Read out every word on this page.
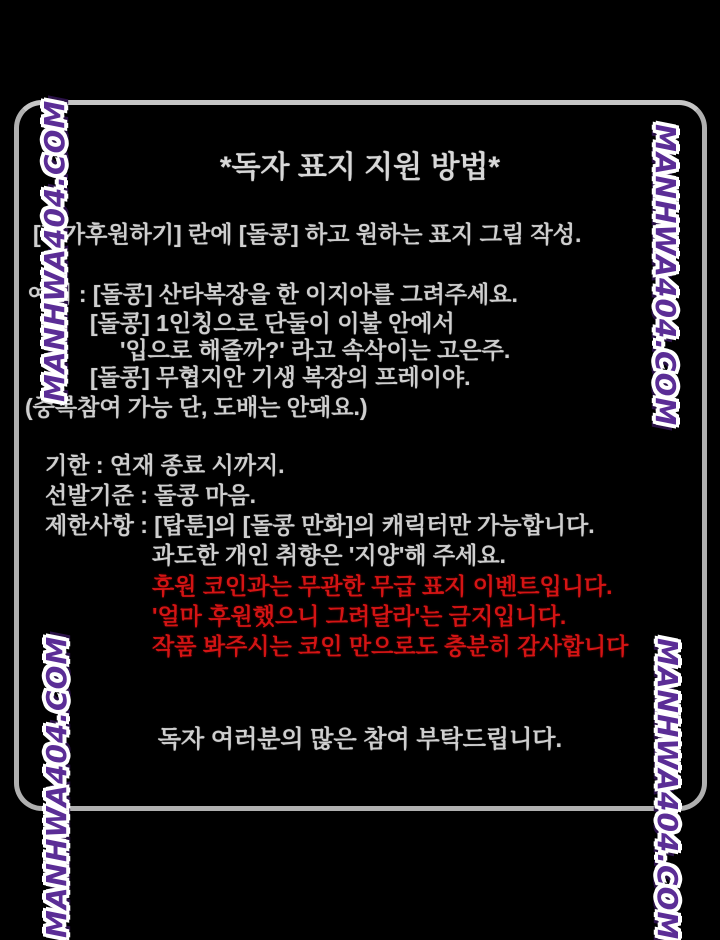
*독자 표지 지원 방법*
[작가후원하기] 란에 [돌콩] 하고 원하는 표지 그림 작성.
예시 : [돌콩] 산타복장을 한 이지아를 그려주세요.
[돌콩] 1인칭으로 단둘이 이불 안에서
'입으로 해줄까?' 라고 속삭이는 고은주.
[돌콩] 무협지안 기생 복장의 프레이야.
(중복참여 가능 단, 도배는 안돼요.)
기한 : 연재 종료 시까지.
선발기준 : 돌콩 마음.
제한사항 : [탑툰]의 [돌콩 만화]의 캐릭터만 가능합니다.
과도한 개인 취향은 '지양'해 주세요.
후원 코인과는 무관한 무급 표지 이벤트입니다.
'얼마 후원했으니 그려달라'는 금지입니다.
작품 봐주시는 코인 만으로도 충분히 감사합니다
독자 여러분의 많은 참여 부탁드립니다.
MANHWA404.COM	MANHWA404.COM
MANHWA404.COM	MANHWA404.COM
